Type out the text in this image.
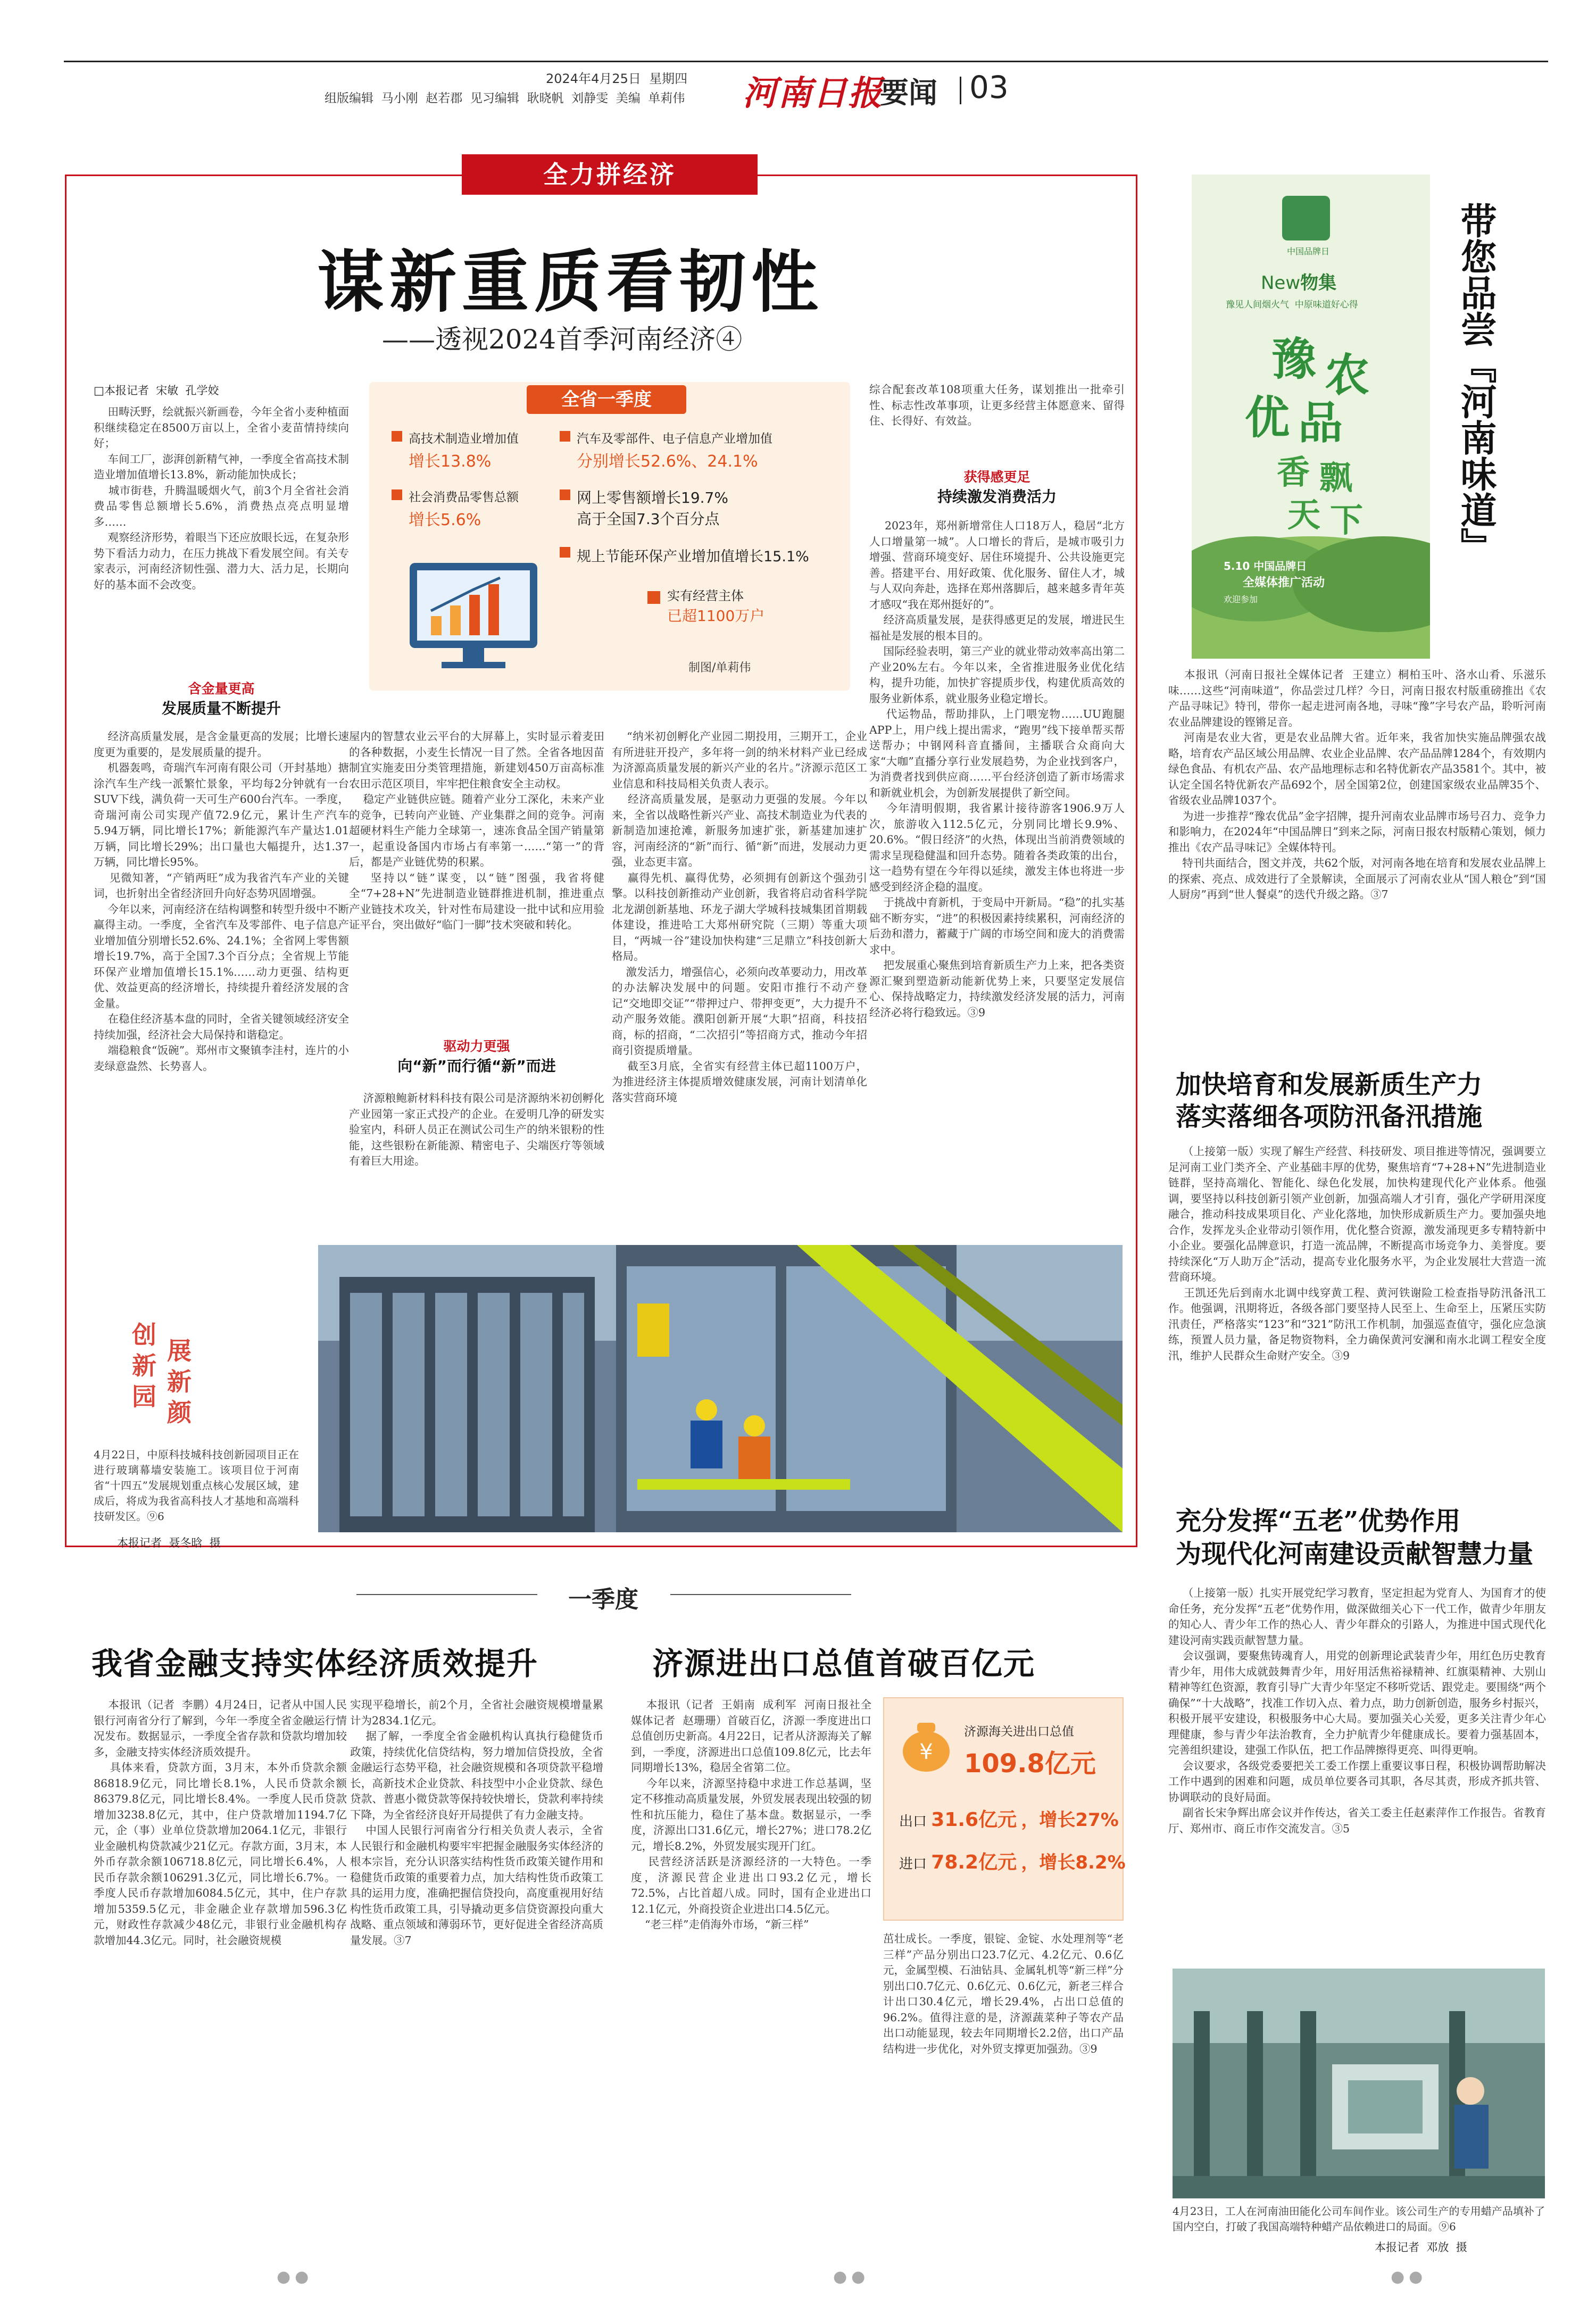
2024年4月25日  星期四
组版编辑  马小刚  赵若郡  见习编辑  耿晓帆  刘静雯  美编  单莉伟 河南日报
要闻 03
全力拼经济
谋新重质看韧性
——透视2024首季河南经济④
□本报记者  宋敏  孔学姣
田畴沃野，绘就振兴新画卷，今年全省小麦种植面积继续稳定在8500万亩以上，全省小麦苗情持续向好；
车间工厂，澎湃创新精气神，一季度全省高技术制造业增加值增长13.8%，新动能加快成长；
城市街巷，升腾温暖烟火气，前3个月全省社会消费品零售总额增长5.6%，消费热点亮点明显增多……
观察经济形势，着眼当下还应放眼长远，在复杂形势下看活力动力，在压力挑战下看发展空间。有关专家表示，河南经济韧性强、潜力大、活力足，长期向好的基本面不会改变。
含金量更高
发展质量不断提升
经济高质量发展，是含金量更高的发展；比增长速度更为重要的，是发展质量的提升。
机器轰鸣，奇瑞汽车河南有限公司（开封基地）搪涂汽车生产线一派繁忙景象，平均每2分钟就有一台SUV下线，满负荷一天可生产600台汽车。一季度，奇瑞河南公司实现产值72.9亿元，累计生产汽车5.94万辆，同比增长17%；新能源汽车产量达1.01万辆，同比增长29%；出口量也大幅提升，达1.37万辆，同比增长95%。
见微知著，“产销两旺”成为我省汽车产业的关键词，也折射出全省经济回升向好态势巩固增强。
今年以来，河南经济在结构调整和转型升级中不断赢得主动。一季度，全省汽车及零部件、电子信息产业增加值分别增长52.6%、24.1%；全省网上零售额增长19.7%，高于全国7.3个百分点；全省规上节能环保产业增加值增长15.1%……动力更强、结构更优、效益更高的经济增长，持续提升着经济发展的含金量。
在稳住经济基本盘的同时，全省关键领域经济安全持续加强，经济社会大局保持和谐稳定。
端稳粮食“饭碗”。郑州市文聚镇李洼村，连片的小麦绿意盎然、长势喜人。
全省一季度
高技术制造业增加值
增长13.8%
汽车及零部件、电子信息产业增加值
分别增长52.6%、24.1%
社会消费品零售总额
增长5.6%
网上零售额增长19.7%
高于全国7.3个百分点
规上节能环保产业增加值增长15.1%
实有经营主体
已超1100万户
制图/单莉伟
屋内的智慧农业云平台的大屏幕上，实时显示着麦田的各种数据，小麦生长情况一目了然。全省各地因苗制宜实施麦田分类管理措施，新建划450万亩高标准农田示范区项目，牢牢把住粮食安全主动权。
稳定产业链供应链。随着产业分工深化，未来产业的竞争，已转向产业链、产业集群之间的竞争。河南超硬材料生产能力全球第一，速冻食品全国产销量第一，起重设备国内市场占有率第一……“第一”的背后，都是产业链优势的积累。
坚持以“链”谋变，以“链”图强，我省将健全“7+28+N”先进制造业链群推进机制，推进重点产业链技术攻关，针对性布局建设一批中试和应用验证平台，突出做好“临门一脚”技术突破和转化。
驱动力更强
向“新”而行循“新”而进
济源粮鲍新材料科技有限公司是济源纳米初创孵化产业园第一家正式投产的企业。在爱明几净的研发实验室内，科研人员正在测试公司生产的纳米银粉的性能，这些银粉在新能源、精密电子、尖端医疗等领域有着巨大用途。
“纳米初创孵化产业园二期投用，三期开工，企业有所进驻开投产，多年将一剑的纳米材料产业已经成为济源高质量发展的新兴产业的名片。”济源示范区工业信息和科技局相关负责人表示。
经济高质量发展，是驱动力更强的发展。今年以来，全省以战略性新兴产业、高技术制造业为代表的新制造加速抢滩，新服务加速扩张，新基建加速扩容，河南经济的“新”而行、循“新”而进，发展动力更强，业态更丰富。
赢得先机、赢得优势，必须拥有创新这个强劲引擎。以科技创新推动产业创新，我省将启动省科学院北龙湖创新基地、环龙子湖大学城科技城集团首期载体建设，推进哈工大郑州研究院（三期）等重大项目，“两城一谷”建设加快构建“三足鼎立”科技创新大格局。
激发活力，增强信心，必须向改革要动力，用改革的办法解决发展中的问题。安阳市推行不动产登记“交地即交证”“带押过户、带押变更”，大力提升不动产服务效能。濮阳创新开展“大职”招商，科技招商，标的招商，“二次招引”等招商方式，推动今年招商引资提质增量。
截至3月底，全省实有经营主体已超1100万户，为推进经济主体提质增效健康发展，河南计划清单化落实营商环境
综合配套改革108项重大任务，谋划推出一批牵引性、标志性改革事项，让更多经营主体愿意来、留得住、长得好、有效益。
获得感更足
持续激发消费活力
2023年，郑州新增常住人口18万人，稳居“北方人口增量第一城”。人口增长的背后，是城市吸引力增强、营商环境变好、居住环境提升、公共设施更完善。搭建平台、用好政策、优化服务、留住人才，城与人双向奔赴，选择在郑州落脚后，越来越多青年英才感叹“我在郑州挺好的”。
经济高质量发展，是获得感更足的发展，增进民生福祉是发展的根本目的。
国际经验表明，第三产业的就业带动效率高出第二产业20%左右。今年以来，全省推进服务业优化结构，提升功能，加快扩容提质步伐，构建优质高效的服务业新体系，就业服务业稳定增长。
代运物品，帮助排队，上门喂宠物……UU跑腿APP上，用户线上提出需求，“跑男”线下接单帮买帮送帮办；中钢网科音直播间，主播联合众商向大家“大咖”直播分享行业发展趋势，为企业找到客户，为消费者找到供应商……平台经济创造了新市场需求和新就业机会，为创新发展提供了新空间。
今年清明假期，我省累计接待游客1906.9万人次，旅游收入112.5亿元，分别同比增长9.9%、20.6%。“假日经济”的火热，体现出当前消费领域的需求呈现稳健温和回升态势。随着各类政策的出台，这一趋势有望在今年得以延续，激发主体也将进一步感受到经济企稳的温度。
于挑战中育新机，于变局中开新局。“稳”的扎实基础不断夯实，“进”的积极因素持续累积，河南经济的后劲和潜力，蓄藏于广阔的市场空间和庞大的消费需求中。
把发展重心聚焦到培育新质生产力上来，把各类资源汇聚到塑造新动能新优势上来，只要坚定发展信心、保持战略定力，持续激发经济发展的活力，河南经济必将行稳致远。③9
创
新
园
展
新
颜
4月22日，中原科技城科技创新园项目正在进行玻璃幕墙安装施工。该项目位于河南省“十四五”发展规划重点核心发展区域，建成后，将成为我省高科技人才基地和高端科技研发区。⑨6
本报记者  聂冬晗  摄
一季度
我省金融支持实体经济质效提升
本报讯（记者  李鹏）4月24日，记者从中国人民银行河南省分行了解到，今年一季度全省金融运行情况发布。数据显示，一季度全省存款和贷款均增加较多，金融支持实体经济质效提升。
具体来看，贷款方面，3月末，本外币贷款余额86818.9亿元，同比增长8.1%，人民币贷款余额86379.8亿元，同比增长8.4%。一季度人民币贷款增加3238.8亿元，其中，住户贷款增加1194.7亿元，企（事）业单位贷款增加2064.1亿元，非银行业金融机构贷款减少21亿元。存款方面，3月末，本外币存款余额106718.8亿元，同比增长6.4%，人民币存款余额106291.3亿元，同比增长6.7%。一季度人民币存款增加6084.5亿元，其中，住户存款增加5359.5亿元，非金融企业存款增加596.3亿元，财政性存款减少48亿元，非银行业金融机构存款增加44.3亿元。同时，社会融资规模
实现平稳增长，前2个月，全省社会融资规模增量累计为2834.1亿元。
据了解，一季度全省金融机构认真执行稳健货币政策，持续优化信贷结构，努力增加信贷投放，全省金融运行态势平稳，社会融资规模和各项贷款平稳增长，高新技术企业贷款、科技型中小企业贷款、绿色贷款、普惠小微贷款等保持较快增长，贷款利率持续下降，为全省经济良好开局提供了有力金融支持。
中国人民银行河南省分行相关负责人表示，全省人民银行和金融机构要牢牢把握金融服务实体经济的根本宗旨，充分认识落实结构性货币政策关键作用和稳健货币政策的重要着力点，加大结构性货币政策工具的运用力度，准确把握信贷投向，高度重视用好结构性货币政策工具，引导撬动更多信贷资源投向重大战略、重点领域和薄弱环节，更好促进全省经济高质量发展。③7
济源进出口总值首破百亿元
本报讯（记者  王娟南  成利军  河南日报社全媒体记者  赵珊珊）首破百亿，济源一季度进出口总值创历史新高。4月22日，记者从济源海关了解到，一季度，济源进出口总值109.8亿元，比去年同期增长13%，稳居全省第二位。
今年以来，济源坚持稳中求进工作总基调，坚定不移推动高质量发展，外贸发展表现出较强的韧性和抗压能力，稳住了基本盘。数据显示，一季度，济源出口31.6亿元，增长27%；进口78.2亿元，增长8.2%，外贸发展实现开门红。
民营经济活跃是济源经济的一大特色。一季度，济源民营企业进出口93.2亿元，增长72.5%，占比首超八成。同时，国有企业进出口12.1亿元，外商投资企业进出口4.5亿元。
“老三样”走俏海外市场，“新三样”
¥
济源海关进出口总值
109.8亿元
出口 31.6亿元 ，增长27%
进口 78.2亿元 ，增长8.2%
茁壮成长。一季度，银锭、金锭、水处理剂等“老三样”产品分别出口23.7亿元、4.2亿元、0.6亿元，金属型模、石油钻具、金属轧机等“新三样”分别出口0.7亿元、0.6亿元、0.6亿元，新老三样合计出口30.4亿元，增长29.4%，占出口总值的96.2%。值得注意的是，济源蔬菜种子等农产品出口动能显现，较去年同期增长2.2倍，出口产品结构进一步优化，对外贸支撑更加强劲。③9
中国品牌日
New物集
豫见人间烟火气  中原味道好心得
豫 农
优 品
香 飘
天 下
5.10 中国品牌日
全媒体推广活动
欢迎参加
带您品尝『河南味道』
本报讯（河南日报社全媒体记者  王建立）桐柏玉叶、洛水山肴、乐滋乐味……这些“河南味道”，你品尝过几样？今日，河南日报农村版重磅推出《农产品寻味记》特刊，带你一起走进河南各地，寻味“豫”字号农产品，聆听河南农业品牌建设的铿锵足音。
河南是农业大省，更是农业品牌大省。近年来，我省加快实施品牌强农战略，培育农产品区域公用品牌、农业企业品牌、农产品品牌1284个，有效期内绿色食品、有机农产品、农产品地理标志和名特优新农产品3581个。其中，被认定全国名特优新农产品692个，居全国第2位，创建国家级农业品牌35个、省级农业品牌1037个。
为进一步推荐“豫农优品”金字招牌，提升河南农业品牌市场号召力、竞争力和影响力，在2024年“中国品牌日”到来之际，河南日报农村版精心策划，倾力推出《农产品寻味记》全媒体特刊。
特刊共面结合，图文并茂，共62个版，对河南各地在培育和发展农业品牌上的探索、亮点、成效进行了全景解读，全面展示了河南农业从“国人粮仓”到“国人厨房”再到“世人餐桌”的迭代升级之路。③7
加快培育和发展新质生产力
落实落细各项防汛备汛措施
（上接第一版）实现了解生产经营、科技研发、项目推进等情况，强调要立足河南工业门类齐全、产业基础丰厚的优势，聚焦培育“7+28+N”先进制造业链群，坚持高端化、智能化、绿色化发展，加快构建现代化产业体系。他强调，要坚持以科技创新引领产业创新，加强高端人才引育，强化产学研用深度融合，推动科技成果项目化、产业化落地，加快形成新质生产力。要加强央地合作，发挥龙头企业带动引领作用，优化整合资源，激发涌现更多专精特新中小企业。要强化品牌意识，打造一流品牌，不断提高市场竞争力、美誉度。要持续深化“万人助万企”活动，提高专业化服务水平，为企业发展壮大营造一流营商环境。
王凯还先后到南水北调中线穿黄工程、黄河铁谢险工检查指导防汛备汛工作。他强调，汛期将近，各级各部门要坚持人民至上、生命至上，压紧压实防汛责任，严格落实“123”和“321”防汛工作机制，加强巡查值守，强化应急演练，预置人员力量，备足物资物料，全力确保黄河安澜和南水北调工程安全度汛，维护人民群众生命财产安全。③9
充分发挥“五老”优势作用
为现代化河南建设贡献智慧力量
（上接第一版）扎实开展党纪学习教育，坚定担起为党育人、为国育才的使命任务，充分发挥“五老”优势作用，做深做细关心下一代工作，做青少年朋友的知心人、青少年工作的热心人、青少年群众的引路人，为推进中国式现代化建设河南实践贡献智慧力量。
会议强调，要聚焦铸魂育人，用党的创新理论武装青少年，用红色历史教育青少年，用伟大成就鼓舞青少年，用好用活焦裕禄精神、红旗渠精神、大别山精神等红色资源，教育引导广大青少年坚定不移听党话、跟党走。要围绕“两个确保”“十大战略”，找准工作切入点、着力点，助力创新创造，服务乡村振兴，积极开展平安建设，积极服务中心大局。要加强关心关爱，更多关注青少年心理健康，参与青少年法治教育，全力护航青少年健康成长。要着力强基固本，完善组织建设，建强工作队伍，把工作品牌擦得更亮、叫得更响。
会议要求，各级党委要把关工委工作摆上重要议事日程，积极协调帮助解决工作中遇到的困难和问题，成员单位要各司其职，各尽其责，形成齐抓共管、协调联动的良好局面。
副省长宋争辉出席会议并作传达，省关工委主任赵素萍作工作报告。省教育厅、郑州市、商丘市作交流发言。③5
4月23日，工人在河南油田能化公司车间作业。该公司生产的专用蜡产品填补了国内空白，打破了我国高端特种蜡产品依赖进口的局面。⑨6
本报记者  邓放  摄
●●	●●	●●
